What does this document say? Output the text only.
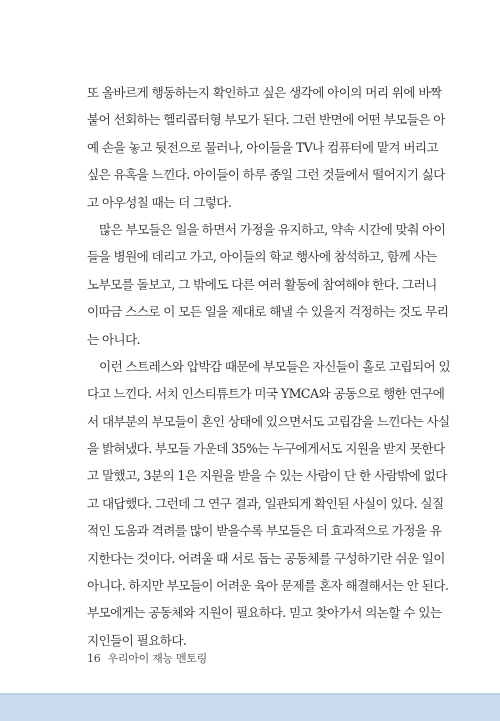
또 올바르게 행동하는지 확인하고 싶은 생각에 아이의 머리 위에 바짝
붙어 선회하는 헬리콥터형 부모가 된다. 그런 반면에 어떤 부모들은 아
예 손을 놓고 뒷전으로 물러나, 아이들을 TV나 컴퓨터에 맡겨 버리고
싶은 유혹을 느낀다. 아이들이 하루 종일 그런 것들에서 떨어지기 싫다
고 아우성칠 때는 더 그렇다.
많은 부모들은 일을 하면서 가정을 유지하고, 약속 시간에 맞춰 아이
들을 병원에 데리고 가고, 아이들의 학교 행사에 참석하고, 함께 사는
노부모를 돌보고, 그 밖에도 다른 여러 활동에 참여해야 한다. 그러니
이따금 스스로 이 모든 일을 제대로 해낼 수 있을지 걱정하는 것도 무리
는 아니다.
이런 스트레스와 압박감 때문에 부모들은 자신들이 홀로 고립되어 있
다고 느낀다. 서치 인스티튜트가 미국 YMCA와 공동으로 행한 연구에
서 대부분의 부모들이 혼인 상태에 있으면서도 고립감을 느낀다는 사실
을 밝혀냈다. 부모들 가운데 35%는 누구에게서도 지원을 받지 못한다
고 말했고, 3분의 1은 지원을 받을 수 있는 사람이 단 한 사람밖에 없다
고 대답했다. 그런데 그 연구 결과, 일관되게 확인된 사실이 있다. 실질
적인 도움과 격려를 많이 받을수록 부모들은 더 효과적으로 가정을 유
지한다는 것이다. 어려울 때 서로 돕는 공동체를 구성하기란 쉬운 일이
아니다. 하지만 부모들이 어려운 육아 문제를 혼자 해결해서는 안 된다.
부모에게는 공동체와 지원이 필요하다. 믿고 찾아가서 의논할 수 있는
지인들이 필요하다.
16 우리아이 재능 멘토링
